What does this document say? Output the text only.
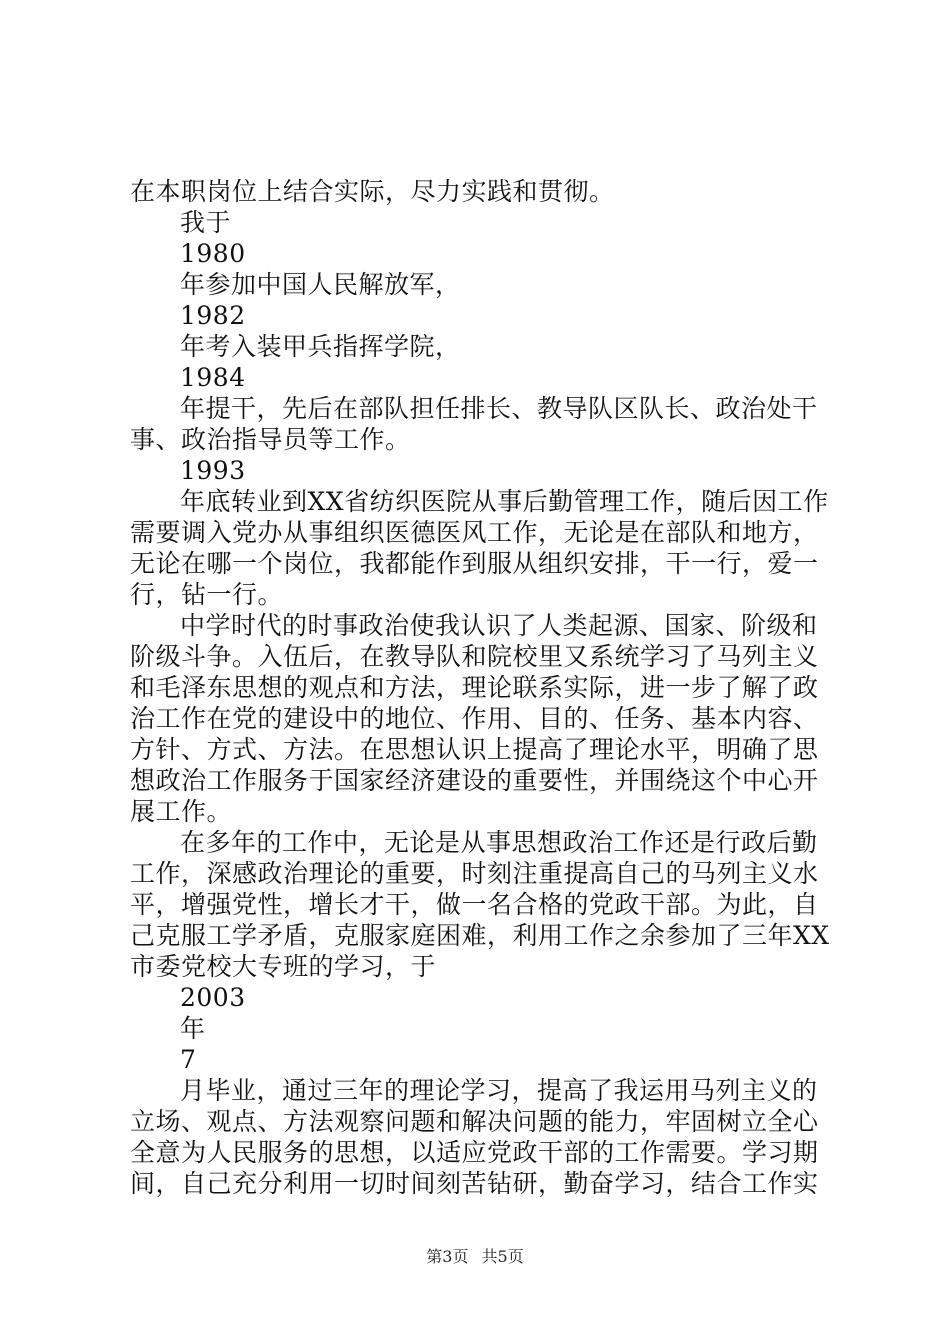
在本职岗位上结合实际，尽力实践和贯彻。
我于
1980
年参加中国人民解放军，
1982
年考入装甲兵指挥学院，
1984
年提干，先后在部队担任排长、教导队区队长、政治处干
事、政治指导员等工作。
1993
年底转业到XX省纺织医院从事后勤管理工作，随后因工作
需要调入党办从事组织医德医风工作，无论是在部队和地方，
无论在哪一个岗位，我都能作到服从组织安排，干一行，爱一
行，钻一行。
中学时代的时事政治使我认识了人类起源、国家、阶级和
阶级斗争。入伍后，在教导队和院校里又系统学习了马列主义
和毛泽东思想的观点和方法，理论联系实际，进一步了解了政
治工作在党的建设中的地位、作用、目的、任务、基本内容、
方针、方式、方法。在思想认识上提高了理论水平，明确了思
想政治工作服务于国家经济建设的重要性，并围绕这个中心开
展工作。
在多年的工作中，无论是从事思想政治工作还是行政后勤
工作，深感政治理论的重要，时刻注重提高自己的马列主义水
平，增强党性，增长才干，做一名合格的党政干部。为此，自
己克服工学矛盾，克服家庭困难，利用工作之余参加了三年XX
市委党校大专班的学习，于
2003
年
7
月毕业，通过三年的理论学习，提高了我运用马列主义的
立场、观点、方法观察问题和解决问题的能力，牢固树立全心
全意为人民服务的思想，以适应党政干部的工作需要。学习期
间，自己充分利用一切时间刻苦钻研，勤奋学习，结合工作实
第3页 共5页
